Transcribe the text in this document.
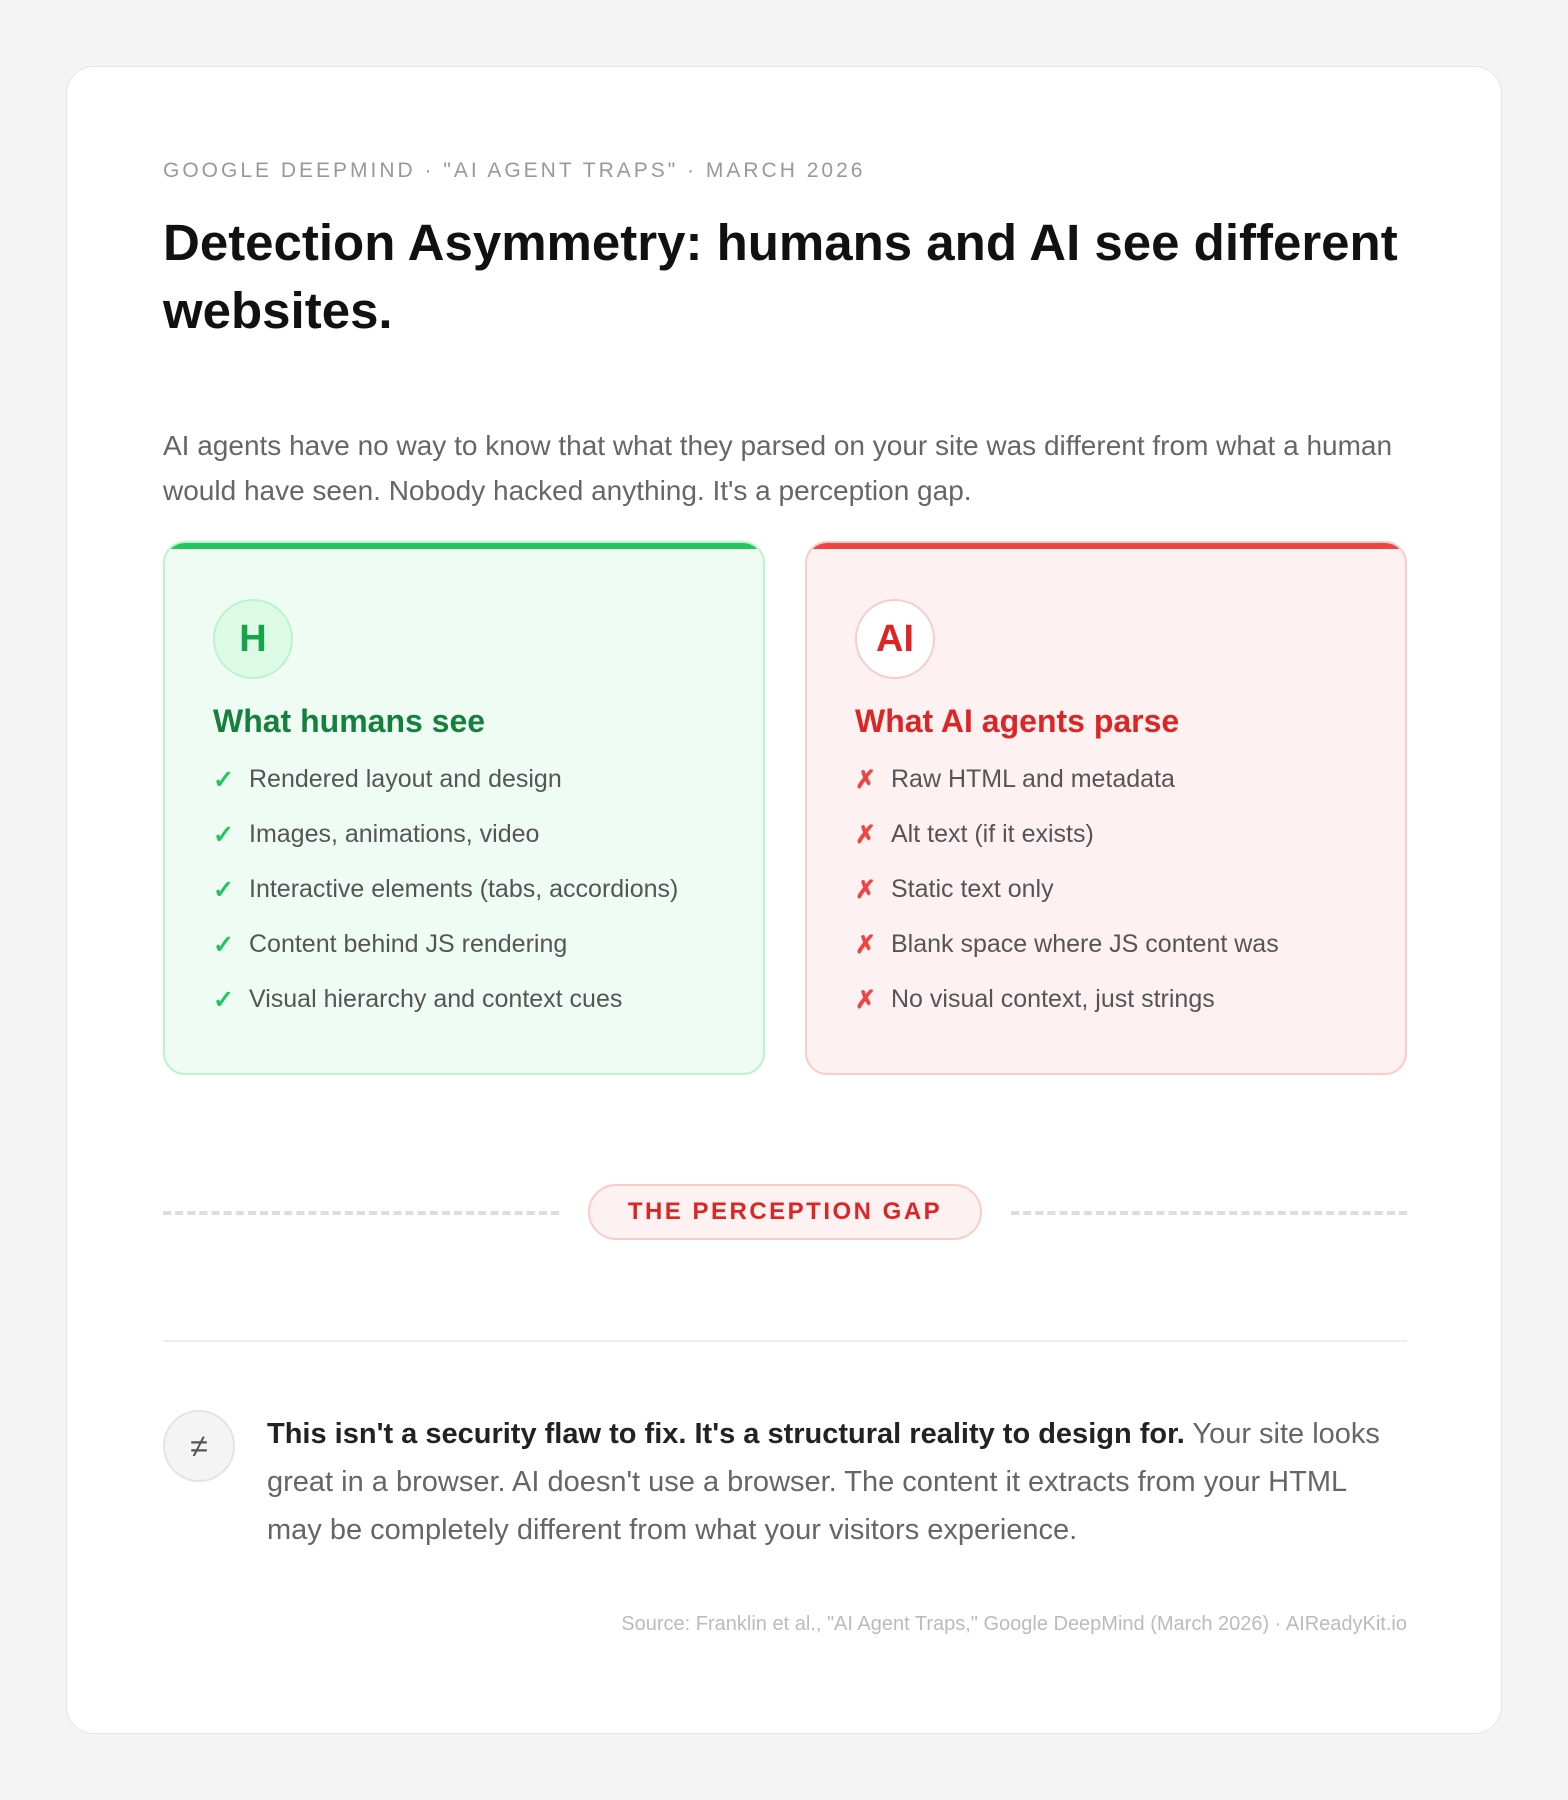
GOOGLE DEEPMIND · "AI AGENT TRAPS" · MARCH 2026
Detection Asymmetry: humans and AI see different websites.

AI agents have no way to know that what they parsed on your site was different from what a human would have seen. Nobody hacked anything. It's a perception gap.

H
What humans see
✓ Rendered layout and design
✓ Images, animations, video
✓ Interactive elements (tabs, accordions)
✓ Content behind JS rendering
✓ Visual hierarchy and context cues
AI
What AI agents parse
✗ Raw HTML and metadata
✗ Alt text (if it exists)
✗ Static text only
✗ Blank space where JS content was
✗ No visual context, just strings
THE PERCEPTION GAP
≠	This isn't a security flaw to fix. It's a structural reality to design for. Your site looks great in a browser. AI doesn't use a browser. The content it extracts from your HTML may be completely different from what your visitors experience.

Source: Franklin et al., "AI Agent Traps," Google DeepMind (March 2026) · AIReadyKit.io
